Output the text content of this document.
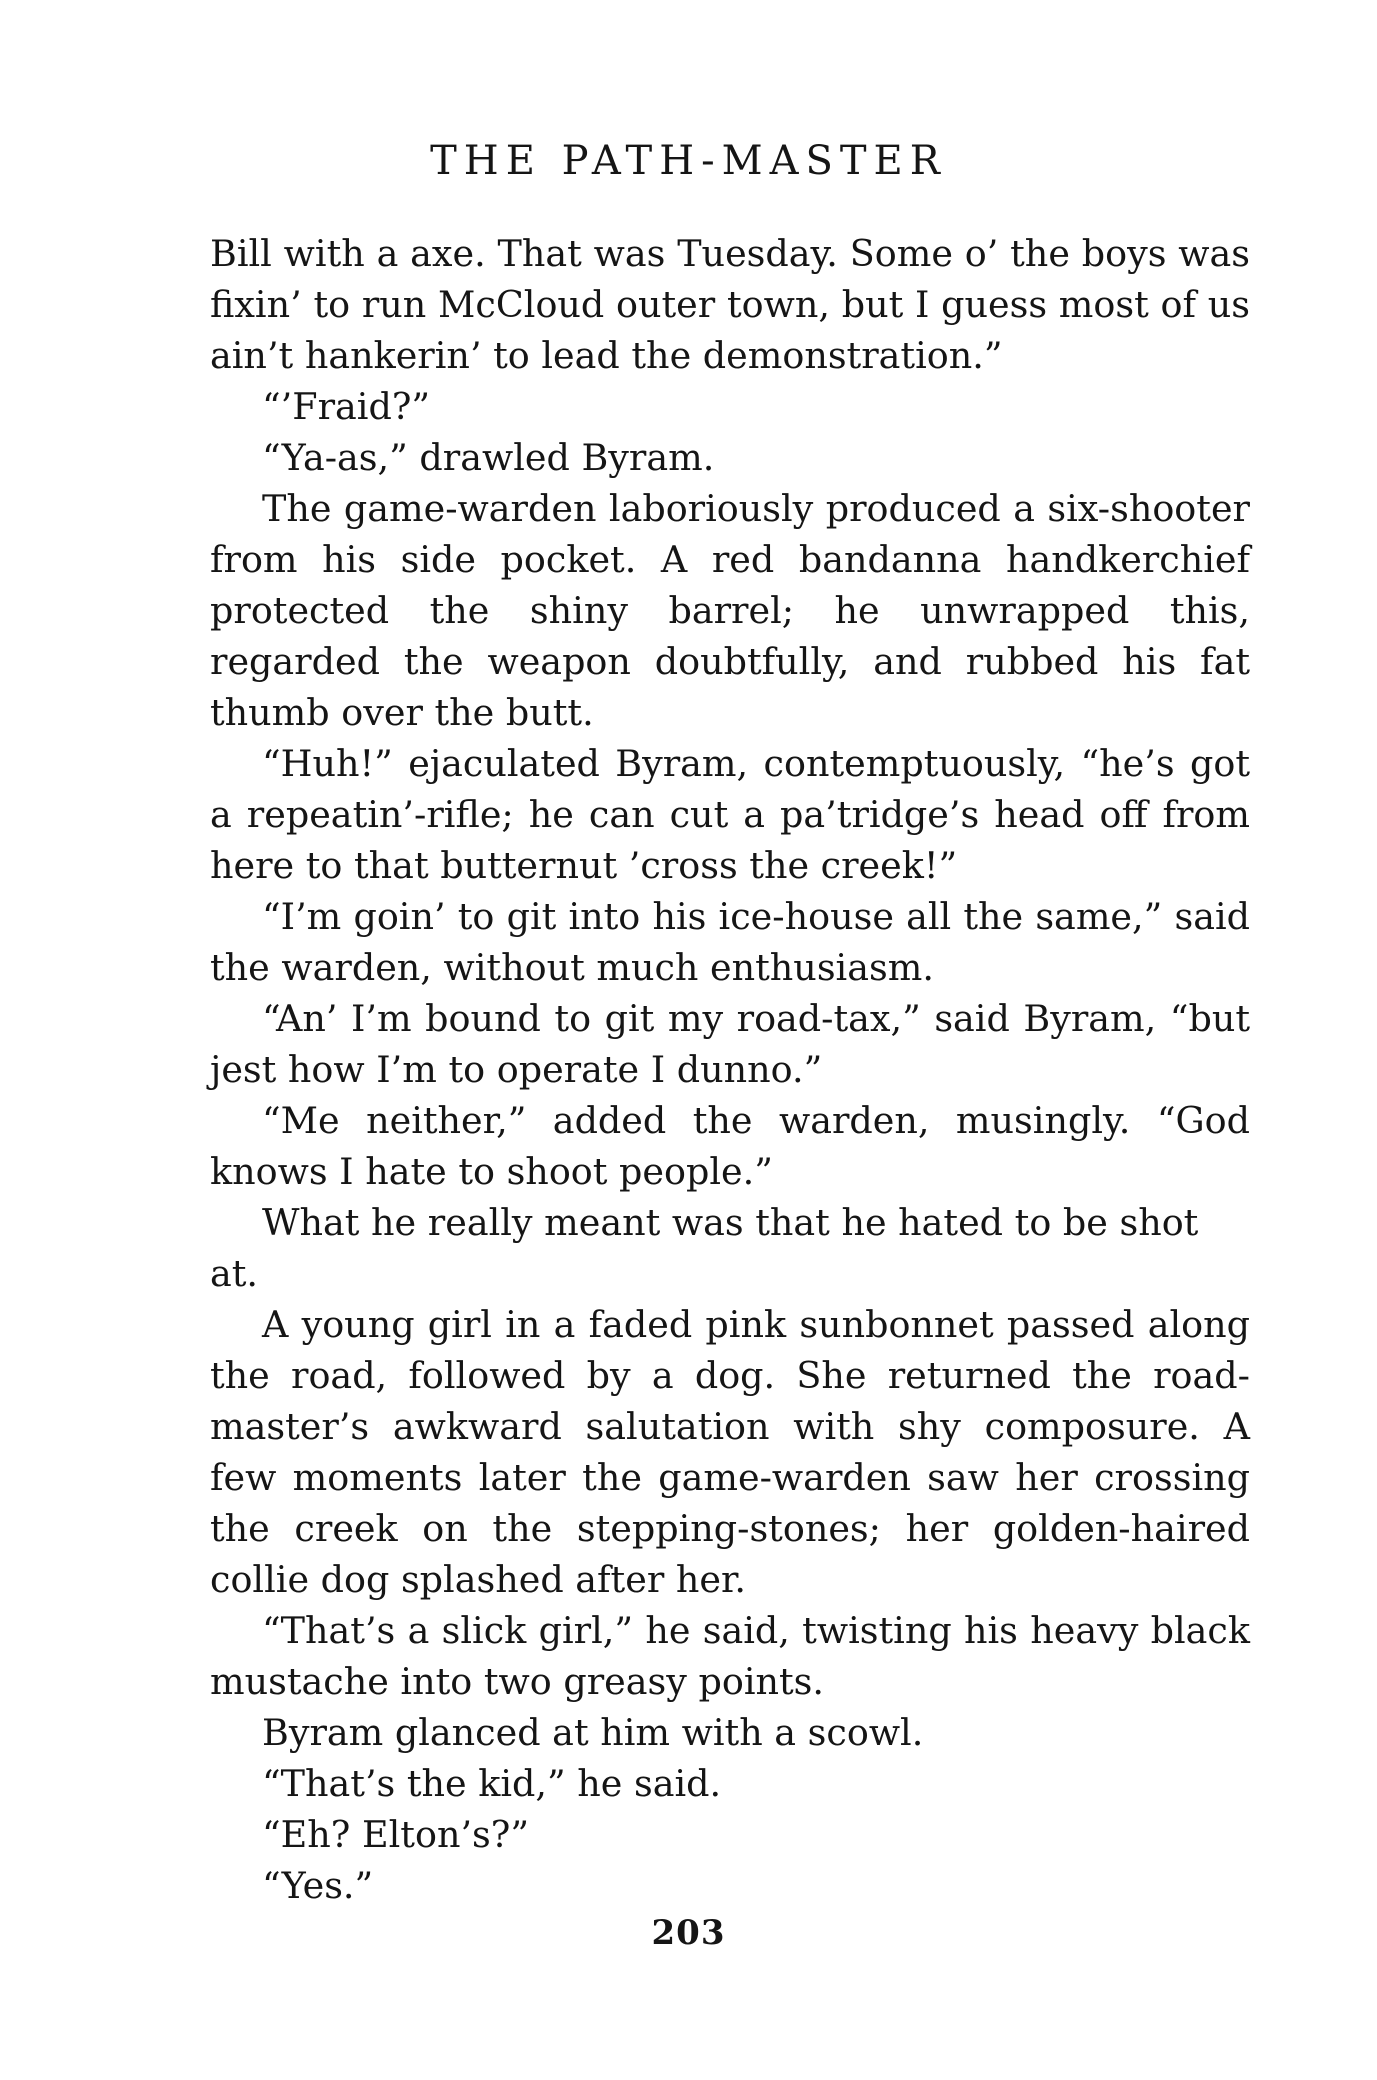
THE PATH-MASTER

Bill with a axe. That was Tuesday. Some o’ the boys was fixin’ to run McCloud outer town, but I guess most of us ain’t hankerin’ to lead the demonstration.”

“’Fraid?”

“Ya-as,” drawled Byram.

The game-warden laboriously produced a six-shooter from his side pocket. A red bandanna handkerchief protected the shiny barrel; he unwrapped this, regarded the weapon doubtfully, and rubbed his fat thumb over the butt.

“Huh!” ejaculated Byram, contemptuously, “he’s got a repeatin’-rifle; he can cut a pa’tridge’s head off from here to that butternut ’cross the creek!”

“I’m goin’ to git into his ice-house all the same,” said the warden, without much enthusiasm.

“An’ I’m bound to git my road-tax,” said Byram, “but jest how I’m to operate I dunno.”

“Me neither,” added the warden, musingly. “God knows I hate to shoot people.”

What he really meant was that he hated to be shot at.

A young girl in a faded pink sunbonnet passed along the road, followed by a dog. She returned the road-master’s awkward salutation with shy composure. A few moments later the game-warden saw her crossing the creek on the stepping-stones; her golden-haired collie dog splashed after her.

“That’s a slick girl,” he said, twisting his heavy black mustache into two greasy points.

Byram glanced at him with a scowl.

“That’s the kid,” he said.

“Eh? Elton’s?”

“Yes.”

203
